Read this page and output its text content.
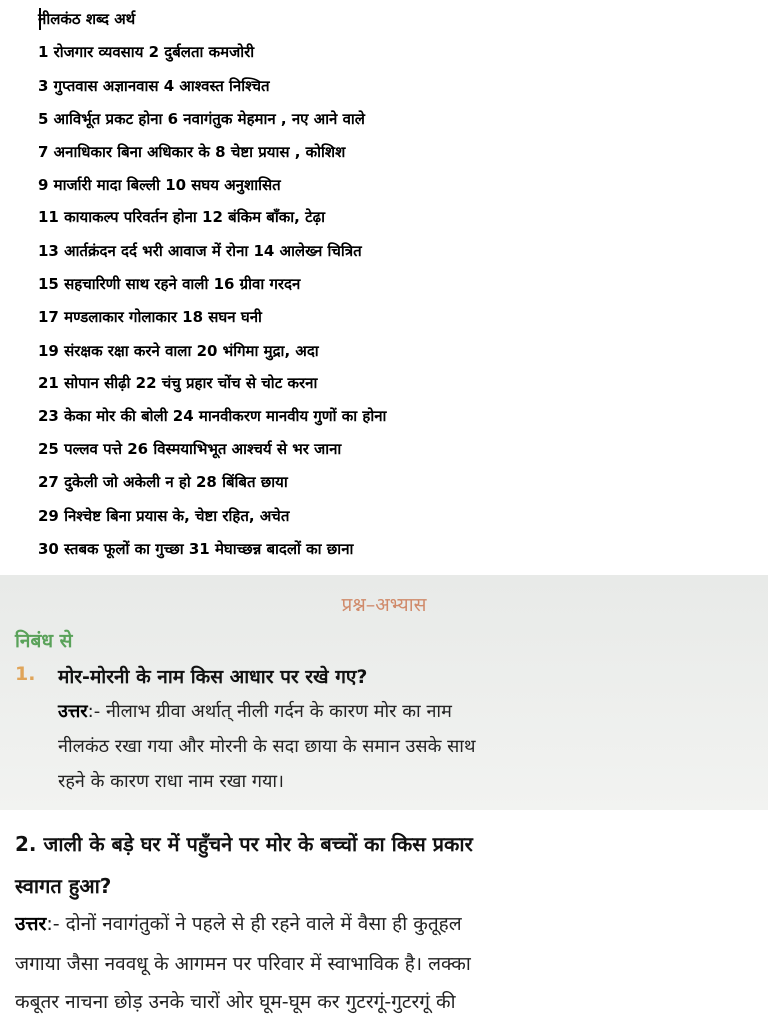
नीलकंठ शब्द अर्थ
1 रोजगार व्यवसाय 2 दुर्बलता कमजोरी
3 गुप्तवास अज्ञानवास 4 आश्वस्त निश्चित
5 आविर्भूत प्रकट होना 6 नवागंतुक मेहमान , नए आने वाले
7 अनाधिकार बिना अधिकार के 8 चेष्टा प्रयास , कोशिश
9 मार्जारी मादा बिल्ली 10 सघय अनुशासित
11 कायाकल्प परिवर्तन होना 12 बंकिम बाँका, टेढ़ा
13 आर्तक्रंदन दर्द भरी आवाज में रोना 14 आलेख्न चित्रित
15 सहचारिणी साथ रहने वाली 16 ग्रीवा गरदन
17 मण्डलाकार गोलाकार 18 सघन घनी
19 संरक्षक रक्षा करने वाला 20 भंगिमा मुद्रा, अदा
21 सोपान सीढ़ी 22 चंचु प्रहार चोंच से चोट करना
23 केका मोर की बोली 24 मानवीकरण मानवीय गुणों का होना
25 पल्लव पत्ते 26 विस्मयाभिभूत आश्चर्य से भर जाना
27 दुकेली जो अकेली न हो 28 बिंबित छाया
29 निश्चेष्ट बिना प्रयास के, चेष्टा रहित, अचेत
30 स्तबक फूलों का गुच्छा 31 मेघाच्छन्न बादलों का छाना
प्रश्न–अभ्यास
निबंध से
1. मोर-मोरनी के नाम किस आधार पर रखे गए?
उत्तर:- नीलाभ ग्रीवा अर्थात् नीली गर्दन के कारण मोर का नाम
नीलकंठ रखा गया और मोरनी के सदा छाया के समान उसके साथ
रहने के कारण राधा नाम रखा गया।
2. जाली के बड़े घर में पहुँचने पर मोर के बच्चों का किस प्रकार
स्वागत हुआ?
उत्तर:- दोनों नवागंतुकों ने पहले से ही रहने वाले में वैसा ही कुतूहल
जगाया जैसा नववधू के आगमन पर परिवार में स्वाभाविक है। लक्का
कबूतर नाचना छोड़ उनके चारों ओर घूम-घूम कर गुटरगूं-गुटरगूं की
